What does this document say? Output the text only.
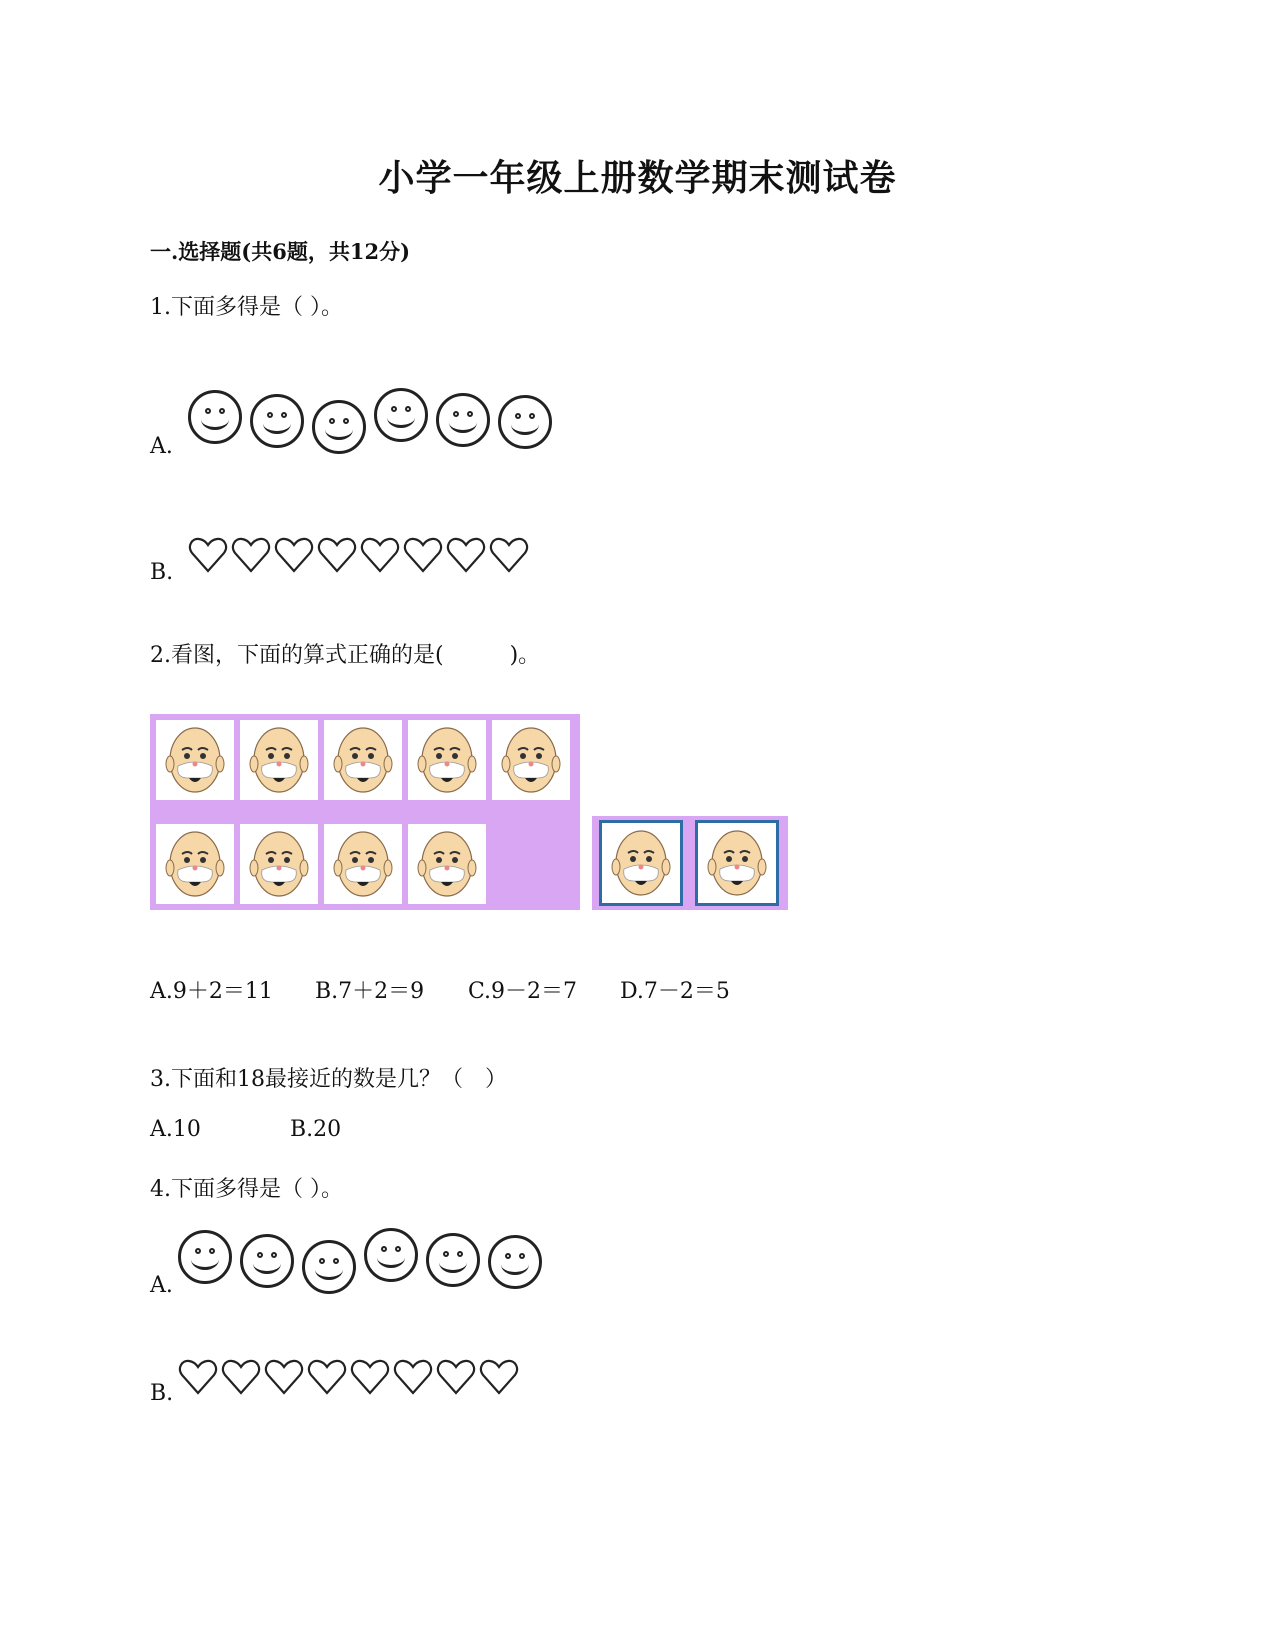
小学一年级上册数学期末测试卷
一.选择题(共6题，共12分)
1.下面多得是（ ）。
A.
B.
2.看图，下面的算式正确的是(　　　)。
A.9＋2＝11 B.7＋2＝9 C.9－2＝7 D.7－2＝5
3.下面和18最接近的数是几？（　）
A.10	B.20
4.下面多得是（ ）。
A.
B.
